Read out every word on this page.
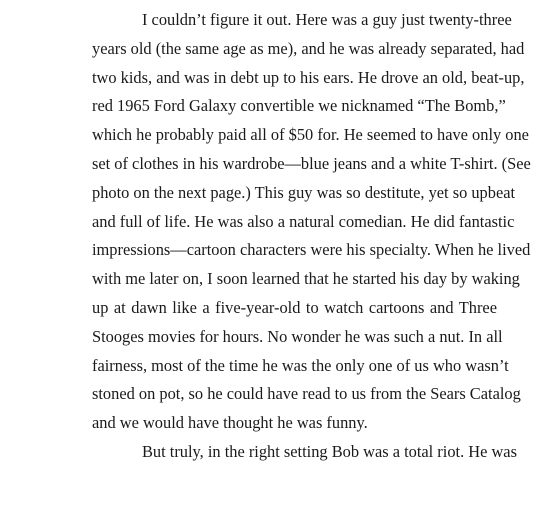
I couldn’t figure it out. Here was a guy just twenty-three
years old (the same age as me), and he was already separated, had
two kids, and was in debt up to his ears. He drove an old, beat-up,
red 1965 Ford Galaxy convertible we nicknamed “The Bomb,”
which he probably paid all of $50 for. He seemed to have only one
set of clothes in his wardrobe—blue jeans and a white T-shirt. (See
photo on the next page.) This guy was so destitute, yet so upbeat
and full of life. He was also a natural comedian. He did fantastic
impressions—cartoon characters were his specialty. When he lived
with me later on, I soon learned that he started his day by waking
up at dawn like a five-year-old to watch cartoons and Three
Stooges movies for hours. No wonder he was such a nut. In all
fairness, most of the time he was the only one of us who wasn’t
stoned on pot, so he could have read to us from the Sears Catalog
and we would have thought he was funny.
But truly, in the right setting Bob was a total riot. He was
